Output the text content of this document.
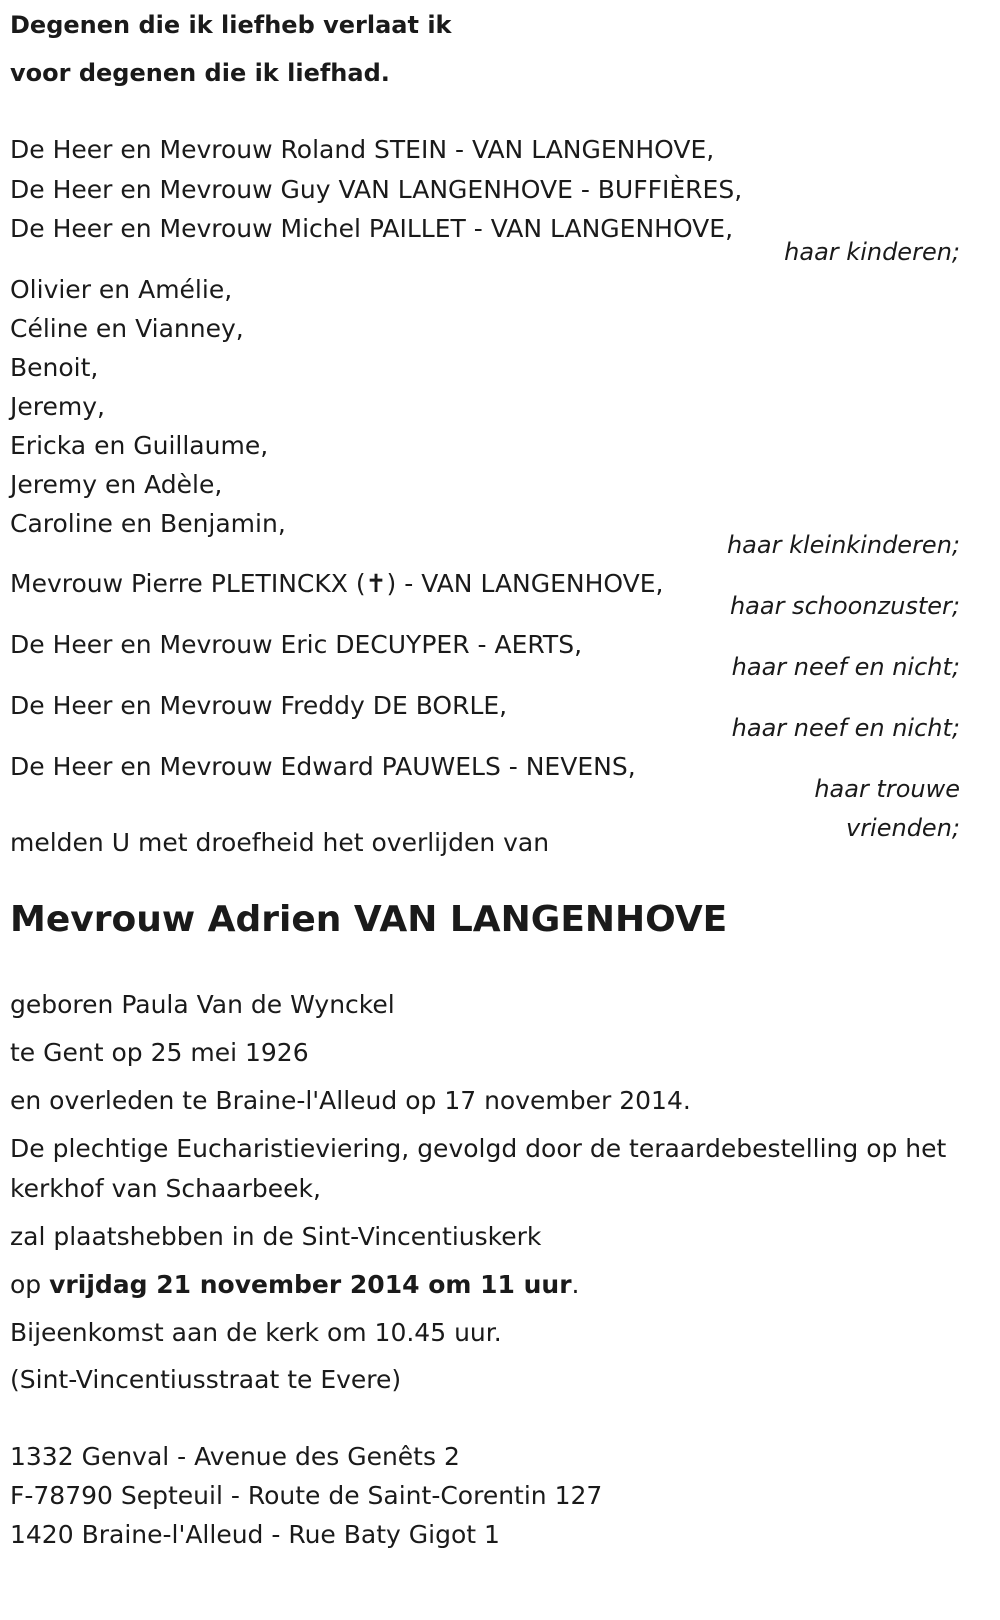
Degenen die ik liefheb verlaat ik
voor degenen die ik liefhad.
De Heer en Mevrouw Roland STEIN - VAN LANGENHOVE,
De Heer en Mevrouw Guy VAN LANGENHOVE - BUFFIÈRES,
De Heer en Mevrouw Michel PAILLET - VAN LANGENHOVE,
haar kinderen;
Olivier en Amélie,
Céline en Vianney,
Benoit,
Jeremy,
Ericka en Guillaume,
Jeremy en Adèle,
Caroline en Benjamin,
haar kleinkinderen;
Mevrouw Pierre PLETINCKX (✝) - VAN LANGENHOVE,
haar schoonzuster;
De Heer en Mevrouw Eric DECUYPER - AERTS,
haar neef en nicht;
De Heer en Mevrouw Freddy DE BORLE,
haar neef en nicht;
De Heer en Mevrouw Edward PAUWELS - NEVENS,
haar trouwe
vrienden;
melden U met droefheid het overlijden van
Mevrouw Adrien VAN LANGENHOVE
geboren Paula Van de Wynckel
te Gent op 25 mei 1926
en overleden te Braine-l'Alleud op 17 november 2014.
De plechtige Eucharistieviering, gevolgd door de teraardebestelling op het kerkhof van Schaarbeek,
zal plaatshebben in de Sint-Vincentiuskerk
op vrijdag 21 november 2014 om 11 uur.
Bijeenkomst aan de kerk om 10.45 uur.
(Sint-Vincentiusstraat te Evere)
1332 Genval - Avenue des Genêts 2
F-78790 Septeuil - Route de Saint-Corentin 127
1420 Braine-l'Alleud - Rue Baty Gigot 1
